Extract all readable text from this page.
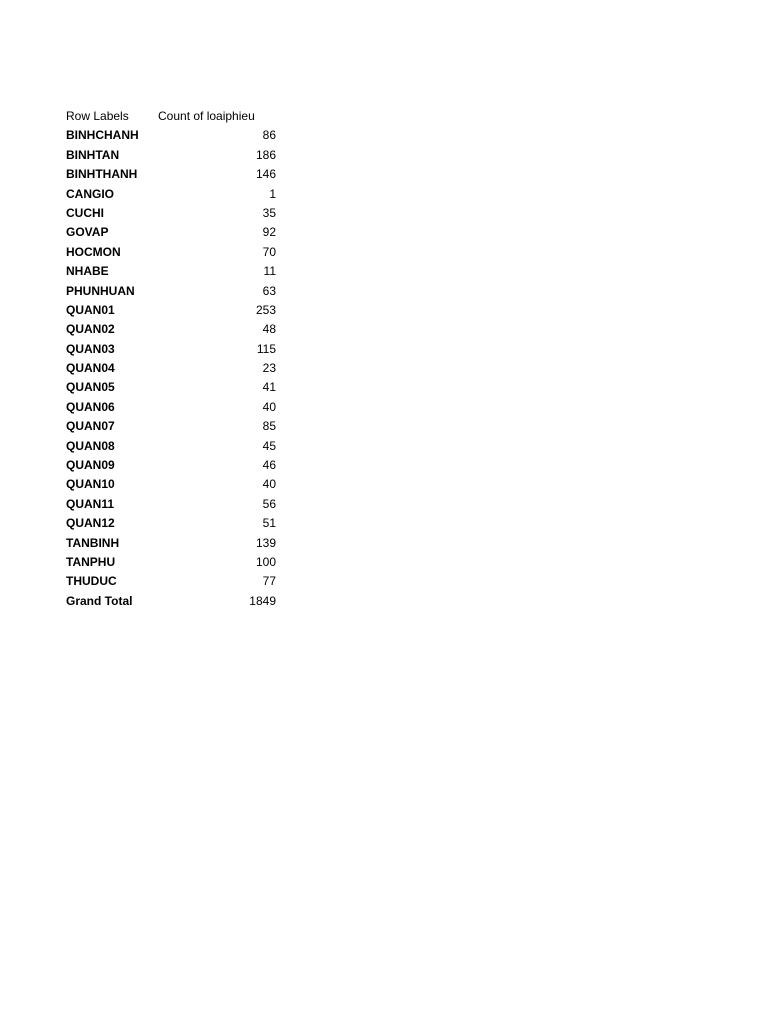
Row Labels	Count of loaiphieu
BINHCHANH	86
BINHTAN	186
BINHTHANH	146
CANGIO	1
CUCHI	35
GOVAP	92
HOCMON	70
NHABE	11
PHUNHUAN	63
QUAN01	253
QUAN02	48
QUAN03	115
QUAN04	23
QUAN05	41
QUAN06	40
QUAN07	85
QUAN08	45
QUAN09	46
QUAN10	40
QUAN11	56
QUAN12	51
TANBINH	139
TANPHU	100
THUDUC	77
Grand Total	1849
